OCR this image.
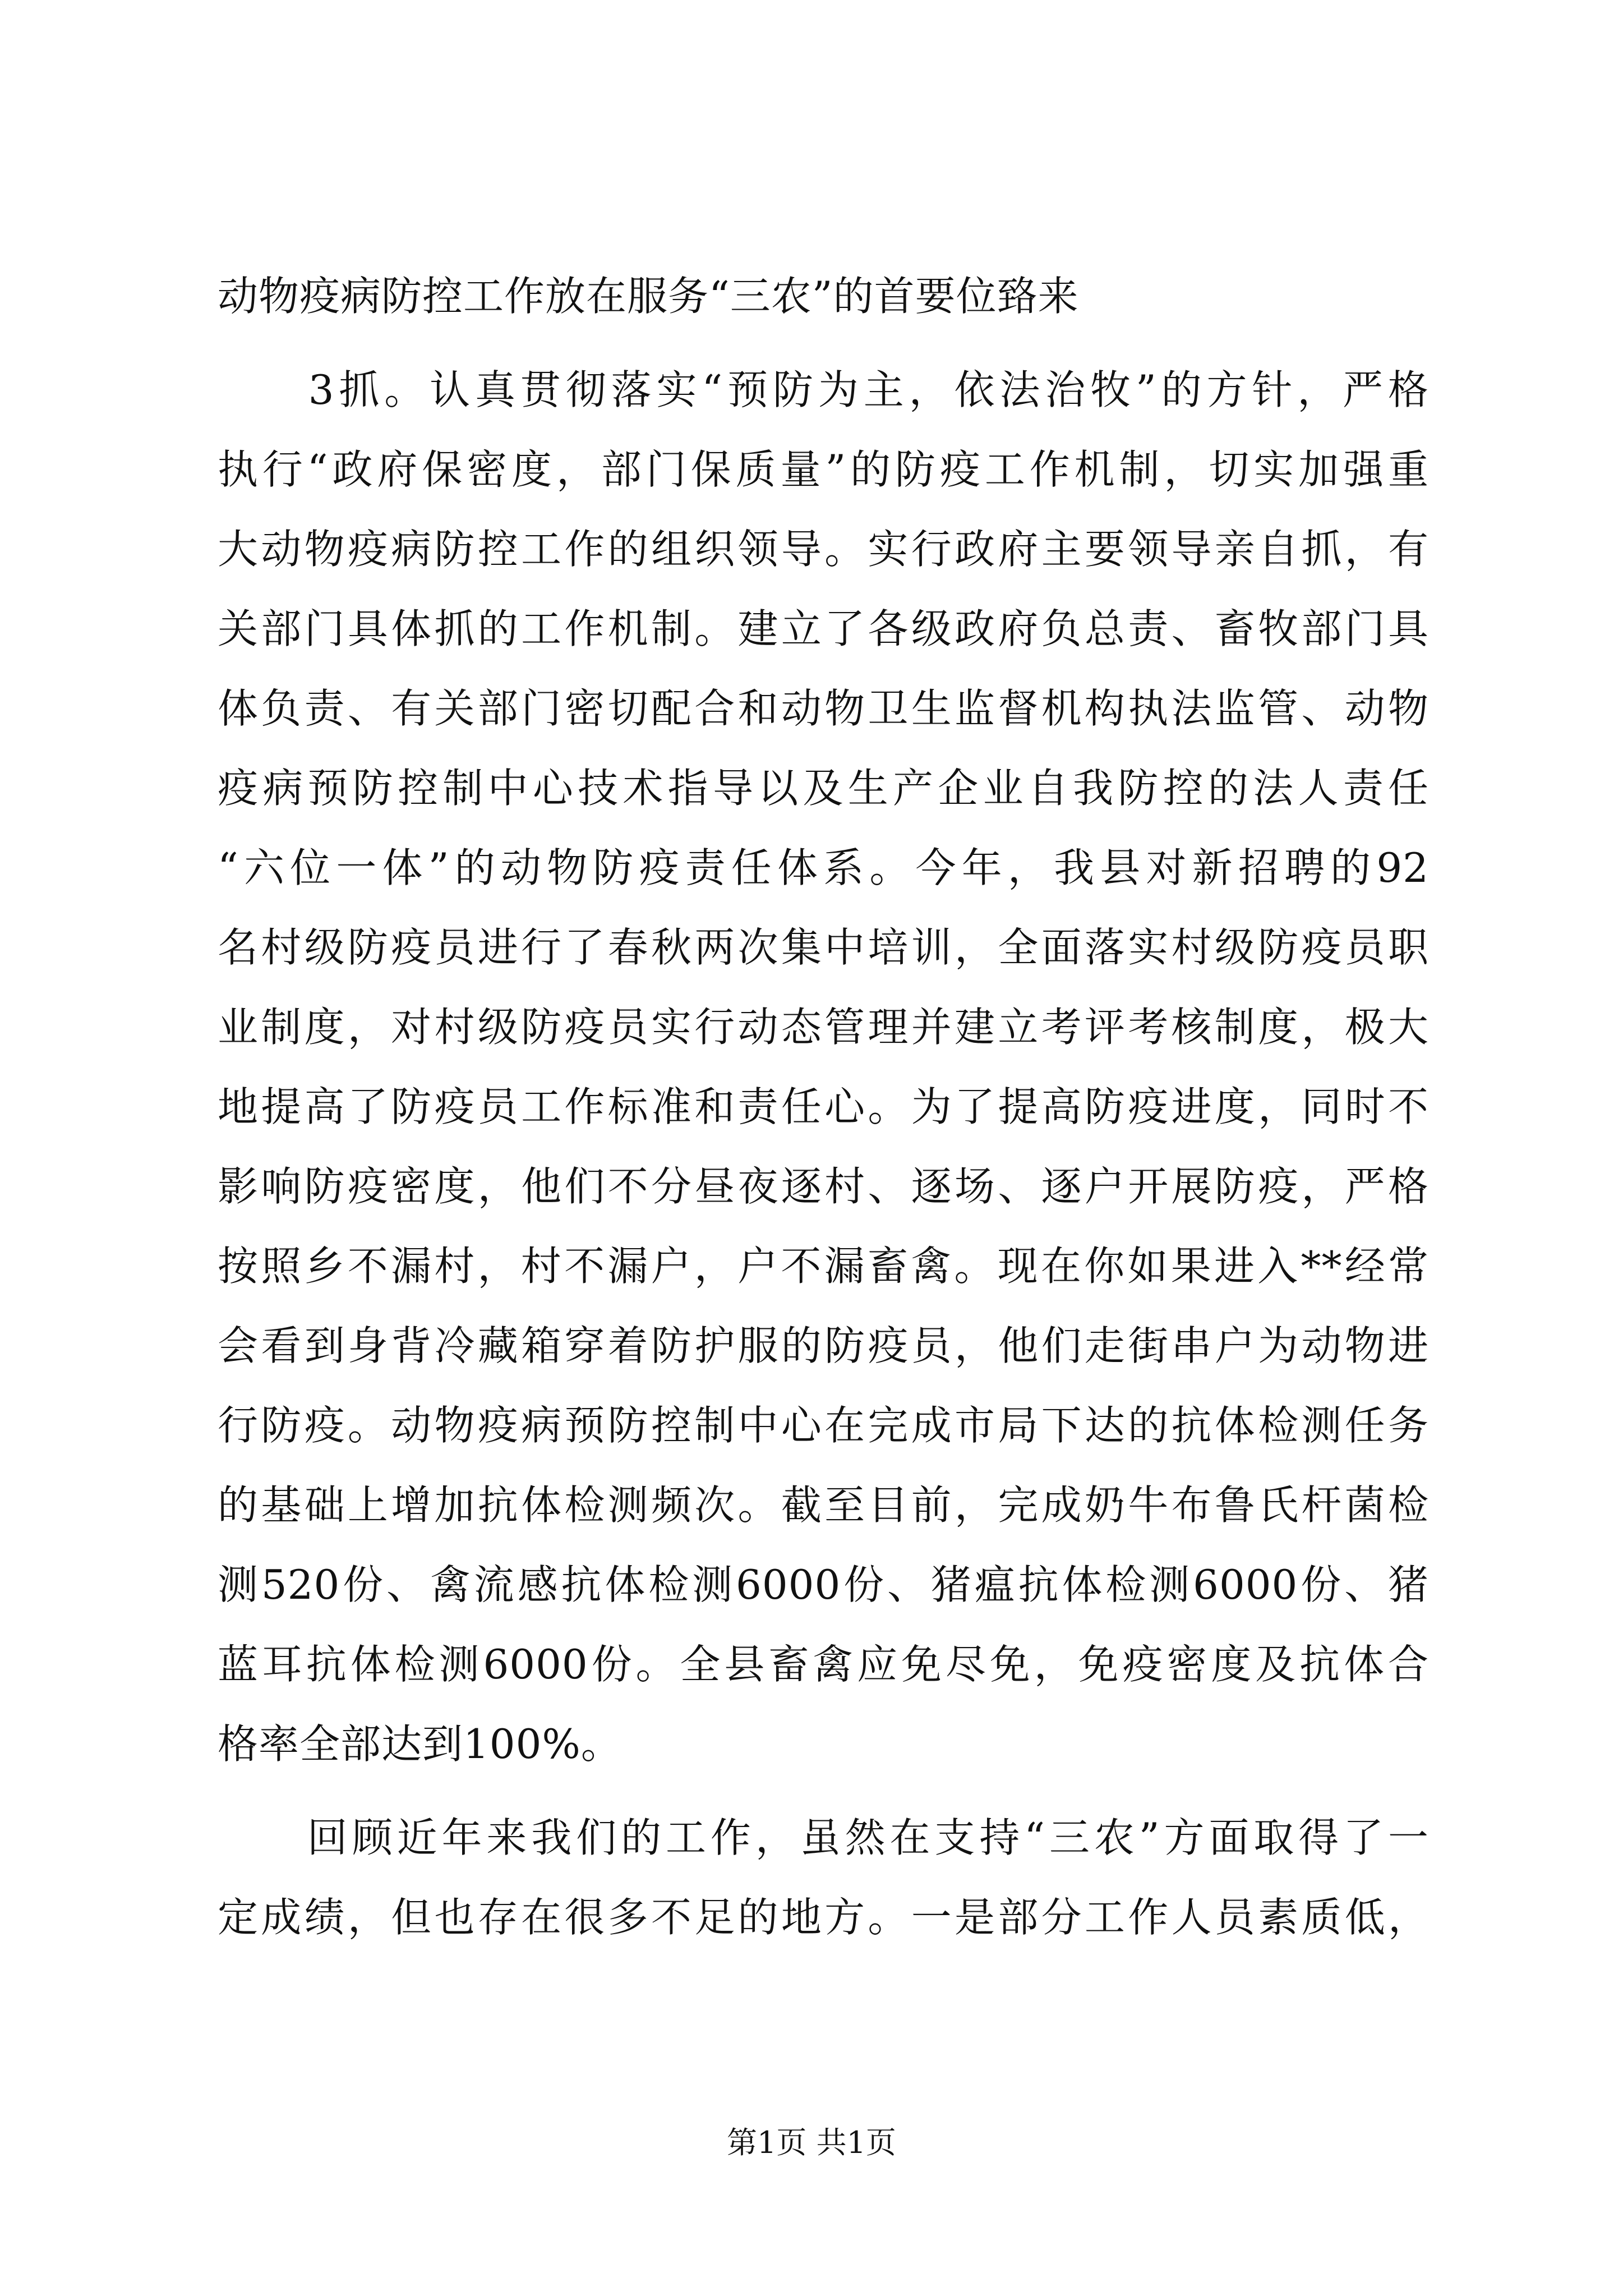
动物疫病防控工作放在服务“三农”的首要位臵来
　　3抓。认真贯彻落实“预防为主，依法治牧”的方针，严格
执行“政府保密度，部门保质量”的防疫工作机制，切实加强重
大动物疫病防控工作的组织领导。实行政府主要领导亲自抓，有
关部门具体抓的工作机制。建立了各级政府负总责、畜牧部门具
体负责、有关部门密切配合和动物卫生监督机构执法监管、动物
疫病预防控制中心技术指导以及生产企业自我防控的法人责任
“六位一体”的动物防疫责任体系。今年，我县对新招聘的92
名村级防疫员进行了春秋两次集中培训，全面落实村级防疫员职
业制度，对村级防疫员实行动态管理并建立考评考核制度，极大
地提高了防疫员工作标准和责任心。为了提高防疫进度，同时不
影响防疫密度，他们不分昼夜逐村、逐场、逐户开展防疫，严格
按照乡不漏村，村不漏户，户不漏畜禽。现在你如果进入**经常
会看到身背冷藏箱穿着防护服的防疫员，他们走街串户为动物进
行防疫。动物疫病预防控制中心在完成市局下达的抗体检测任务
的基础上增加抗体检测频次。截至目前，完成奶牛布鲁氏杆菌检
测520份、禽流感抗体检测6000份、猪瘟抗体检测6000份、猪
蓝耳抗体检测6000份。全县畜禽应免尽免，免疫密度及抗体合
格率全部达到100%。
　　回顾近年来我们的工作，虽然在支持“三农”方面取得了一
定成绩，但也存在很多不足的地方。一是部分工作人员素质低，
第1页 共1页
